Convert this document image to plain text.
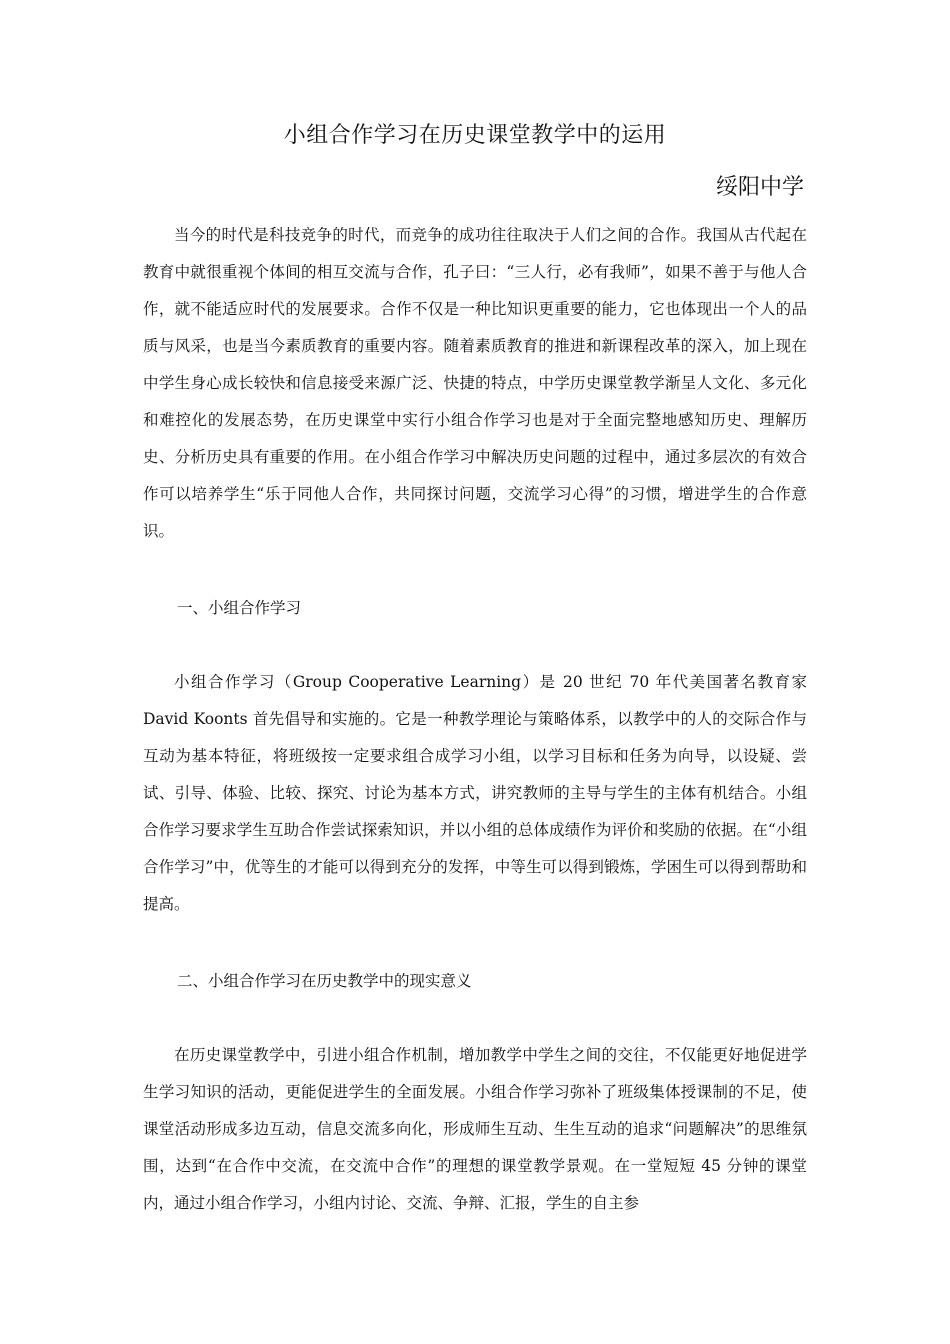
小组合作学习在历史课堂教学中的运用
绥阳中学

当今的时代是科技竞争的时代，而竞争的成功往往取决于人们之间的合作。我国从古代起在教育中就很重视个体间的相互交流与合作，孔子曰：“三人行，必有我师”，如果不善于与他人合作，就不能适应时代的发展要求。合作不仅是一种比知识更重要的能力，它也体现出一个人的品质与风采，也是当今素质教育的重要内容。随着素质教育的推进和新课程改革的深入，加上现在中学生身心成长较快和信息接受来源广泛、快捷的特点，中学历史课堂教学渐呈人文化、多元化和难控化的发展态势，在历史课堂中实行小组合作学习也是对于全面完整地感知历史、理解历史、分析历史具有重要的作用。在小组合作学习中解决历史问题的过程中，通过多层次的有效合作可以培养学生“乐于同他人合作，共同探讨问题，交流学习心得”的习惯，增进学生的合作意识。

一、小组合作学习

小组合作学习（Group Cooperative Learning）是 20 世纪 70 年代美国著名教育家 David Koonts 首先倡导和实施的。它是一种教学理论与策略体系，以教学中的人的交际合作与互动为基本特征，将班级按一定要求组合成学习小组，以学习目标和任务为向导，以设疑、尝试、引导、体验、比较、探究、讨论为基本方式，讲究教师的主导与学生的主体有机结合。小组合作学习要求学生互助合作尝试探索知识，并以小组的总体成绩作为评价和奖励的依据。在“小组合作学习”中，优等生的才能可以得到充分的发挥，中等生可以得到锻炼，学困生可以得到帮助和提高。

二、小组合作学习在历史教学中的现实意义

在历史课堂教学中，引进小组合作机制，增加教学中学生之间的交往，不仅能更好地促进学生学习知识的活动，更能促进学生的全面发展。小组合作学习弥补了班级集体授课制的不足，使课堂活动形成多边互动，信息交流多向化，形成师生互动、生生互动的追求“问题解决”的思维氛围，达到“在合作中交流，在交流中合作”的理想的课堂教学景观。在一堂短短 45 分钟的课堂内，通过小组合作学习，小组内讨论、交流、争辩、汇报，学生的自主参
